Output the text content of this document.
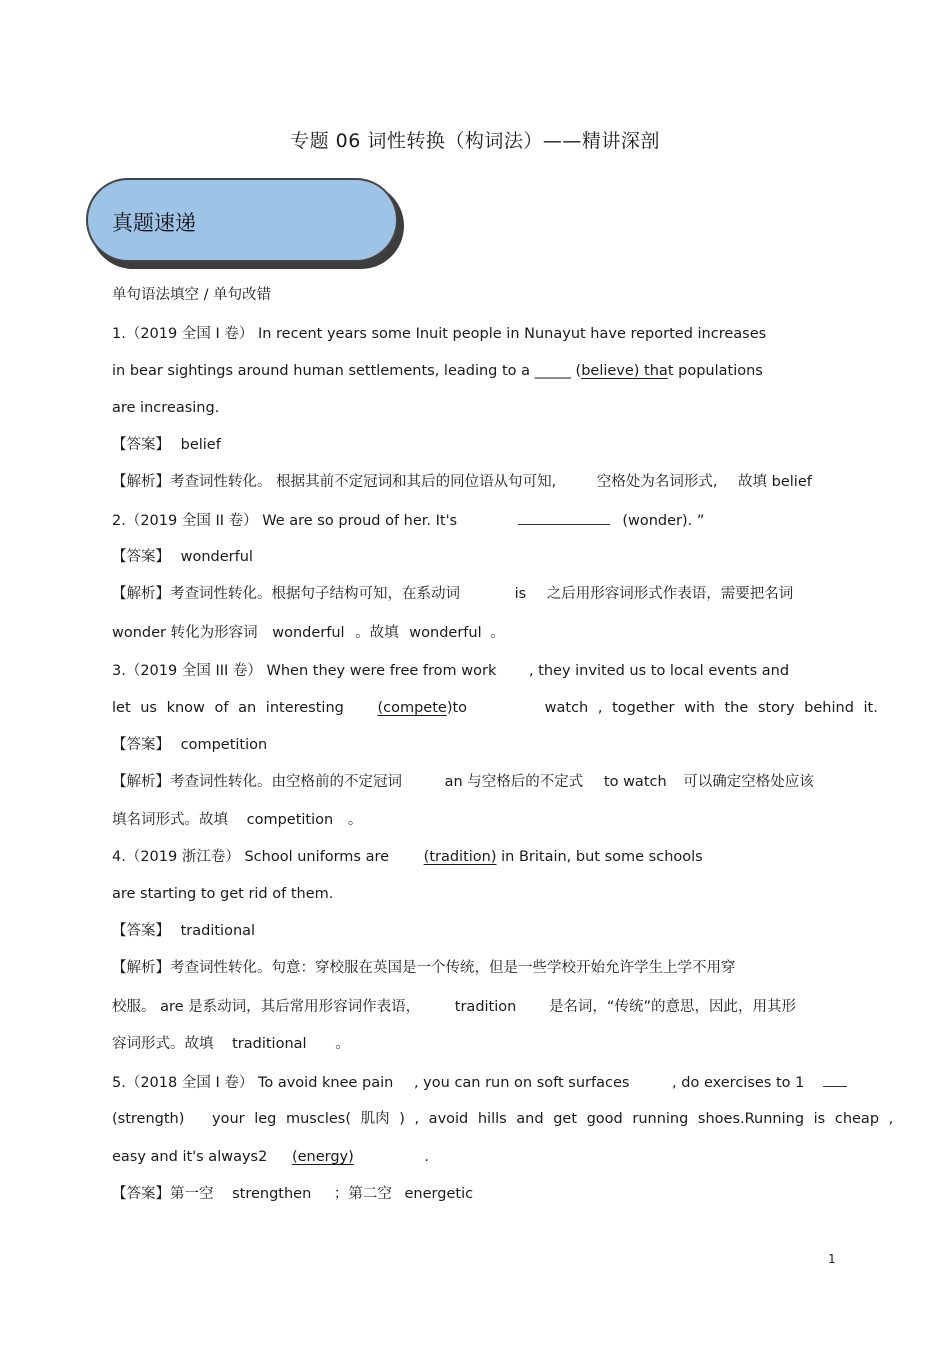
专题 06 词性转换（构词法）——精讲深剖
真题速递
单句语法填空 / 单句改错
1.（2019 全国 I 卷） In recent years some Inuit people in Nunayut have reported increases
in bear sightings around human settlements, leading to a _____ (believe) that populations
are increasing.
【答案】 belief
【解析】考查词性转化。 根据其前不定冠词和其后的同位语从句可知,	空格处为名词形式, 故填 belief
2.（2019 全国 II 卷） We are so proud of her. It's	(wonder). ”
【答案】 wonderful
【解析】考查词性转化。根据句子结构可知，在系动词	is 之后用形容词形式作表语，需要把名词
wonder 转化为形容词 wonderful 。故填 wonderful 。
3.（2019 全国 III 卷） When they were free from work , they invited us to local events and
let us know of an interesting (compete)to	watch , together with the story behind it.
【答案】 competition
【解析】考查词性转化。由空格前的不定冠词	an 与空格后的不定式 to watch 可以确定空格处应该
填名词形式。故填 competition 。
4.（2019 浙江卷） School uniforms are (tradition) in Britain, but some schools
are starting to get rid of them.
【答案】 traditional
【解析】考查词性转化。句意：穿校服在英国是一个传统，但是一些学校开始允许学生上学不用穿
校服。 are 是系动词，其后常用形容词作表语， tradition 是名词，“传统”的意思，因此，用其形
容词形式。故填 traditional 。
5.（2018 全国 I 卷） To avoid knee pain , you can run on soft surfaces	, do exercises to 1
(strength) your leg muscles( 肌肉 ) , avoid hills and get good running shoes.Running is cheap ,
easy and it's always2 (energy)	.
【答案】第一空 strengthen ；第二空 energetic
1
